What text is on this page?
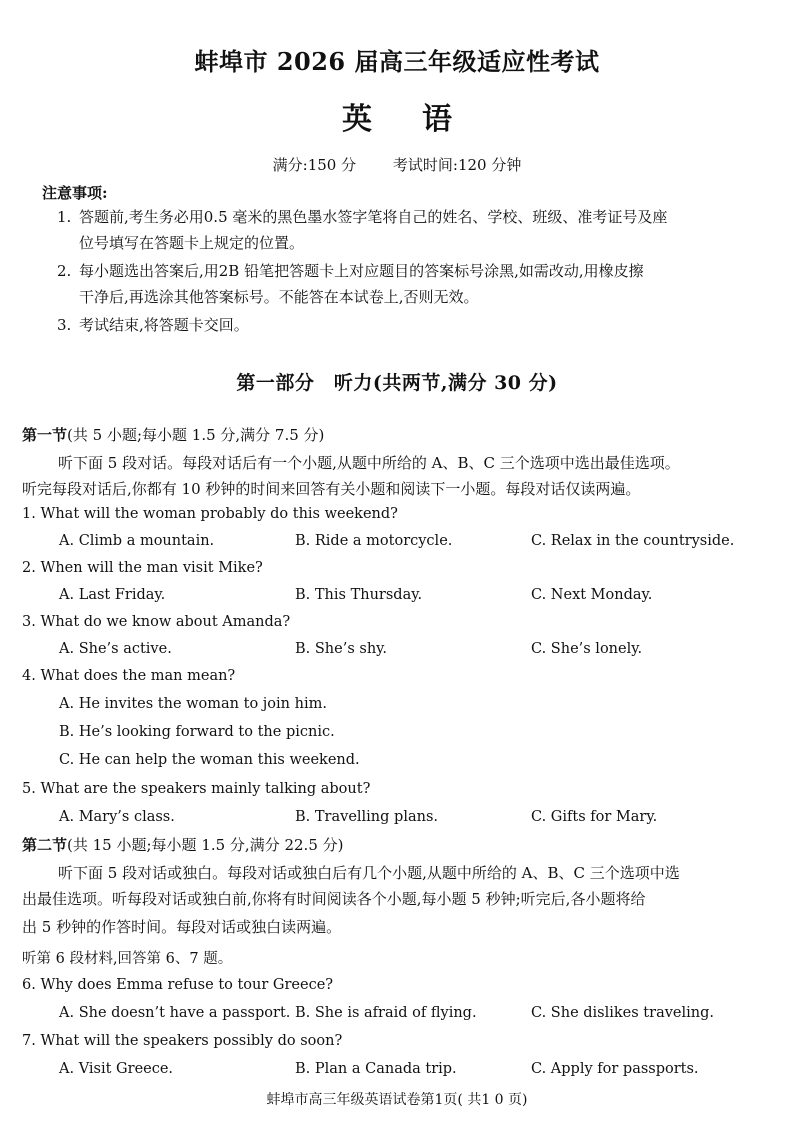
蚌埠市 2026 届高三年级适应性考试
英语
满分:150 分 考试时间:120 分钟
注意事项:
1. 答题前,考生务必用0.5 毫米的黑色墨水签字笔将自己的姓名、学校、班级、准考证号及座
位号填写在答题卡上规定的位置。
2. 每小题选出答案后,用2B 铅笔把答题卡上对应题目的答案标号涂黑,如需改动,用橡皮擦
干净后,再选涂其他答案标号。不能答在本试卷上,否则无效。
3. 考试结束,将答题卡交回。
第一部分　听力(共两节,满分 30 分)
第一节(共 5 小题;每小题 1.5 分,满分 7.5 分)
听下面 5 段对话。每段对话后有一个小题,从题中所给的 A、B、C 三个选项中选出最佳选项。
听完每段对话后,你都有 10 秒钟的时间来回答有关小题和阅读下一小题。每段对话仅读两遍。
1. What will the woman probably do this weekend?
A. Climb a mountain.	B. Ride a motorcycle.	C. Relax in the countryside.
2. When will the man visit Mike?
A. Last Friday.	B. This Thursday.	C. Next Monday.
3. What do we know about Amanda?
A. She’s active.	B. She’s shy.	C. She’s lonely.
4. What does the man mean?
A. He invites the woman to join him.
B. He’s looking forward to the picnic.
C. He can help the woman this weekend.
5. What are the speakers mainly talking about?
A. Mary’s class.	B. Travelling plans.	C. Gifts for Mary.
第二节(共 15 小题;每小题 1.5 分,满分 22.5 分)
听下面 5 段对话或独白。每段对话或独白后有几个小题,从题中所给的 A、B、C 三个选项中选
出最佳选项。听每段对话或独白前,你将有时间阅读各个小题,每小题 5 秒钟;听完后,各小题将给
出 5 秒钟的作答时间。每段对话或独白读两遍。
听第 6 段材料,回答第 6、7 题。
6. Why does Emma refuse to tour Greece?
A. She doesn’t have a passport. B. She is afraid of flying.	C. She dislikes traveling.
7. What will the speakers possibly do soon?
A. Visit Greece.	B. Plan a Canada trip.	C. Apply for passports.
蚌埠市高三年级英语试卷第1页( 共1 0 页)
